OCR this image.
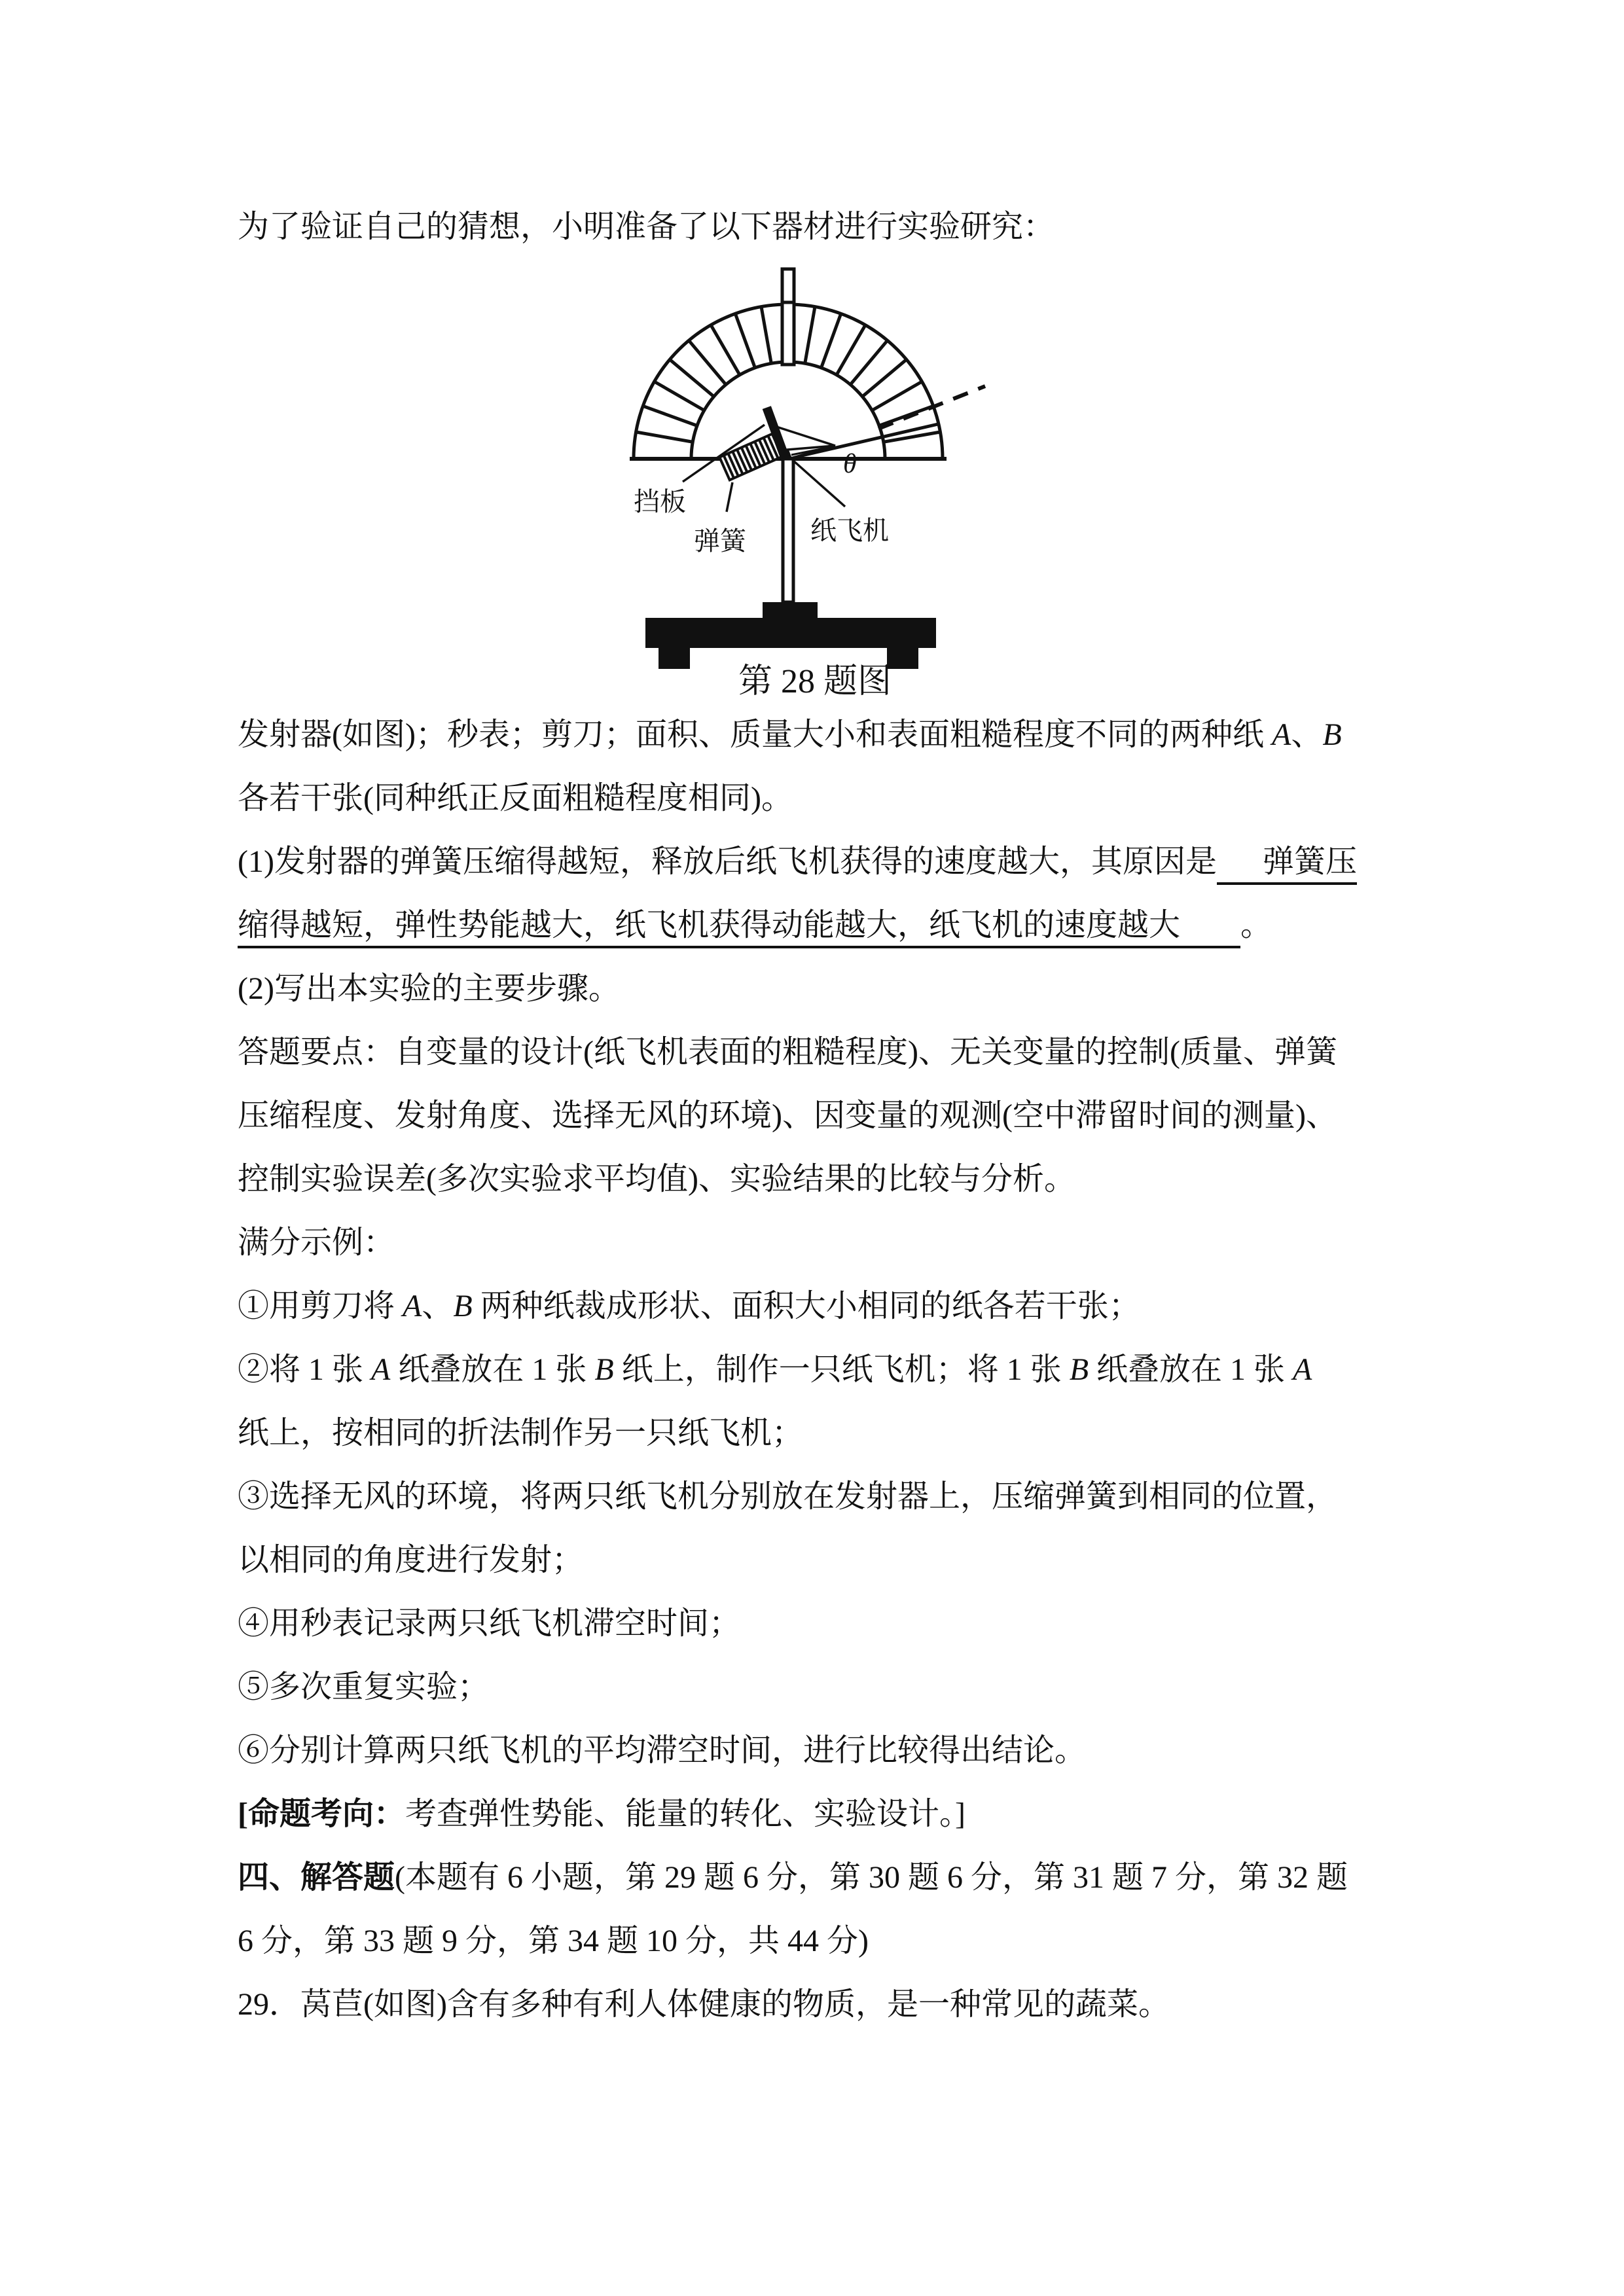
为了验证自己的猜想，小明准备了以下器材进行实验研究：
θ
挡板
弹簧 纸飞机
第 28 题图
发射器(如图)；秒表；剪刀；面积、质量大小和表面粗糙程度不同的两种纸 A、B
各若干张(同种纸正反面粗糙程度相同)。
(1)发射器的弹簧压缩得越短，释放后纸飞机获得的速度越大，其原因是 弹簧压
缩得越短，弹性势能越大，纸飞机获得动能越大，纸飞机的速度越大 。
(2)写出本实验的主要步骤。
答题要点：自变量的设计(纸飞机表面的粗糙程度)、无关变量的控制(质量、弹簧
压缩程度、发射角度、选择无风的环境)、因变量的观测(空中滞留时间的测量)、
控制实验误差(多次实验求平均值)、实验结果的比较与分析。
满分示例：
①用剪刀将 A、B 两种纸裁成形状、面积大小相同的纸各若干张；
②将 1 张 A 纸叠放在 1 张 B 纸上，制作一只纸飞机；将 1 张 B 纸叠放在 1 张 A
纸上，按相同的折法制作另一只纸飞机；
③选择无风的环境，将两只纸飞机分别放在发射器上，压缩弹簧到相同的位置，
以相同的角度进行发射；
④用秒表记录两只纸飞机滞空时间；
⑤多次重复实验；
⑥分别计算两只纸飞机的平均滞空时间，进行比较得出结论。
[命题考向：考查弹性势能、能量的转化、实验设计。]
四、解答题(本题有 6 小题，第 29 题 6 分，第 30 题 6 分，第 31 题 7 分，第 32 题
6 分，第 33 题 9 分，第 34 题 10 分，共 44 分)
29．莴苣(如图)含有多种有利人体健康的物质，是一种常见的蔬菜。
